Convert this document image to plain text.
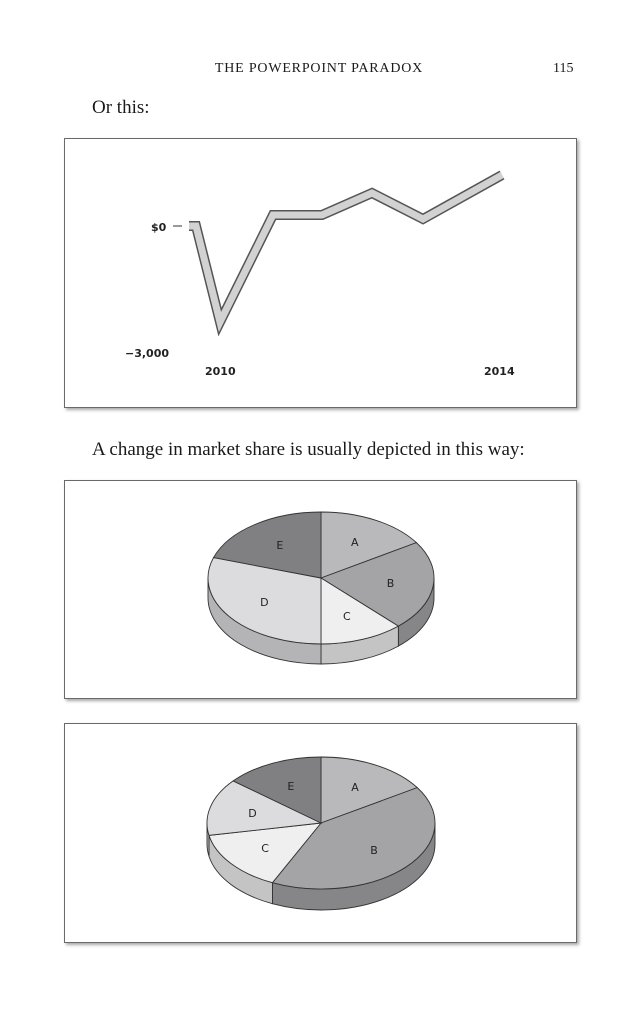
THE POWERPOINT PARADOX	115

Or this:

$0
−3,000
2010	2014

A change in market share is usually depicted in this way:

A
B
C
D
E
A
B
C
D
E
